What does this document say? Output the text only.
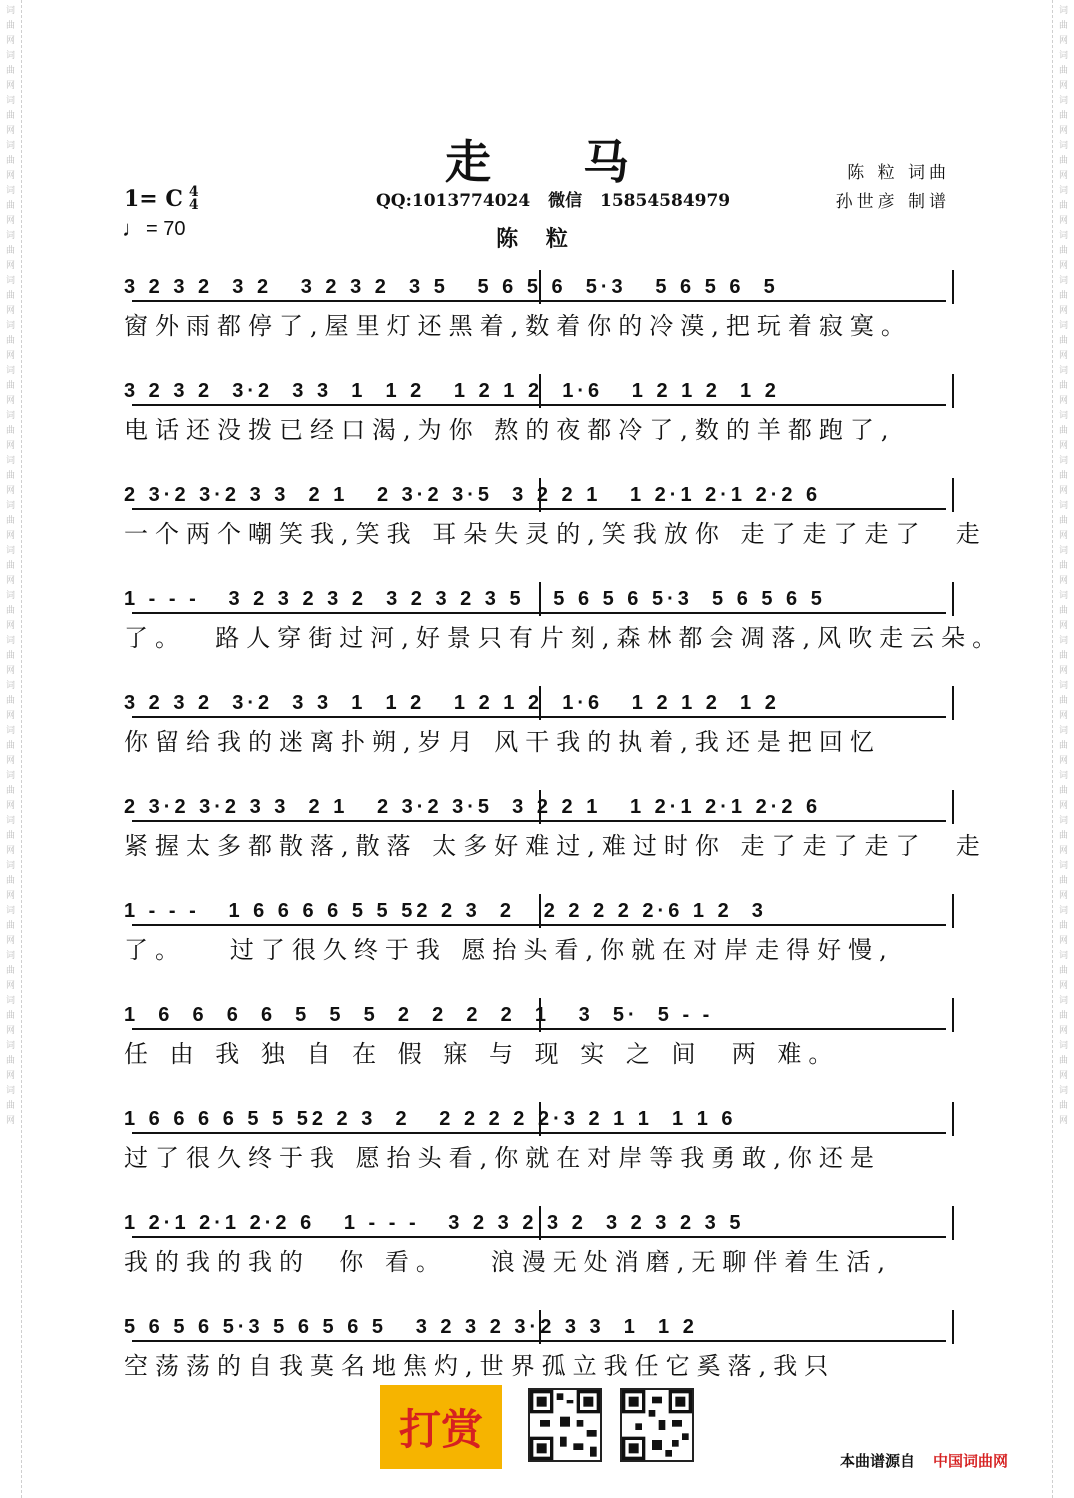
词
曲
网
词
曲
网
词
曲
网
词
曲
网
词
曲
网
词
曲
网
词
曲
网
词
曲
网
词
曲
网
词
曲
网
词
曲
网
词
曲
网
词
曲
网
词
曲
网
词
曲
网
词
曲
网
词
曲
网
词
曲
网
词
曲
网
词
曲
网
词
曲
网
词
曲
网
词
曲
网
词
曲
网
词
曲
网
词
曲
网
词
曲
网
词
曲
网
词
曲
网
词
曲
网
词
曲
网
词
曲
网
词
曲
网
词
曲
网
词
曲
网
词
曲
网
词
曲
网
词
曲
网
词
曲
网
词
曲
网
词
曲
网
词
曲
网
词
曲
网
词
曲
网
词
曲
网
词
曲
网
词
曲
网
词
曲
网
词
曲
网
词
曲
网
走 马
1= C 4
4
♩ = 70
QQ:1013774024 微信 15854584979
陈 粒
陈 粒 词曲
孙世彦 制谱
3 2 3 2  3 2   3 2 3 2  3 5   5 6 5 6  5·3   5 6 5 6  5
窗外雨都停了,屋里灯还黑着,数着你的冷漠,把玩着寂寞。
3 2 3 2  3·2  3 3  1  1 2   1 2 1 2  1·6   1 2 1 2  1 2
电话还没拨已经口渴,为你 熬的夜都冷了,数的羊都跑了,
2 3·2 3·2 3 3  2 1   2 3·2 3·5  3 2 2 1   1 2·1 2·1 2·2 6
一个两个嘲笑我,笑我 耳朵失灵的,笑我放你 走了走了走了  走
1 - - -   3 2 3 2 3 2  3 2 3 2 3 5   5 6 5 6 5·3  5 6 5 6 5
了。  路人穿街过河,好景只有片刻,森林都会凋落,风吹走云朵。
3 2 3 2  3·2  3 3  1  1 2   1 2 1 2  1·6   1 2 1 2  1 2
你留给我的迷离扑朔,岁月 风干我的执着,我还是把回忆
2 3·2 3·2 3 3  2 1   2 3·2 3·5  3 2 2 1   1 2·1 2·1 2·2 6
紧握太多都散落,散落 太多好难过,难过时你 走了走了走了  走
1 - - -   1 6 6 6 6 5 5 52 2 3  2   2 2 2 2 2·6 1 2  3
了。   过了很久终于我 愿抬头看,你就在对岸走得好慢,
1  6  6  6  6  5  5  5  2  2  2  2  1   3  5·  5 - -
任 由 我 独 自 在 假 寐 与 现 实 之 间  两 难。
1 6 6 6 6 5 5 52 2 3  2   2 2 2 2 2·3 2 1 1  1 1 6
过了很久终于我 愿抬头看,你就在对岸等我勇敢,你还是
1 2·1 2·1 2·2 6   1 - - -   3 2 3 2 3 2  3 2 3 2 3 5
我的我的我的  你 看。   浪漫无处消磨,无聊伴着生活,
5 6 5 6 5·3 5 6 5 6 5   3 2 3 2 3·2 3 3  1  1 2
空荡荡的自我莫名地焦灼,世界孤立我任它奚落,我只
打赏
本曲谱源自 中国词曲网
